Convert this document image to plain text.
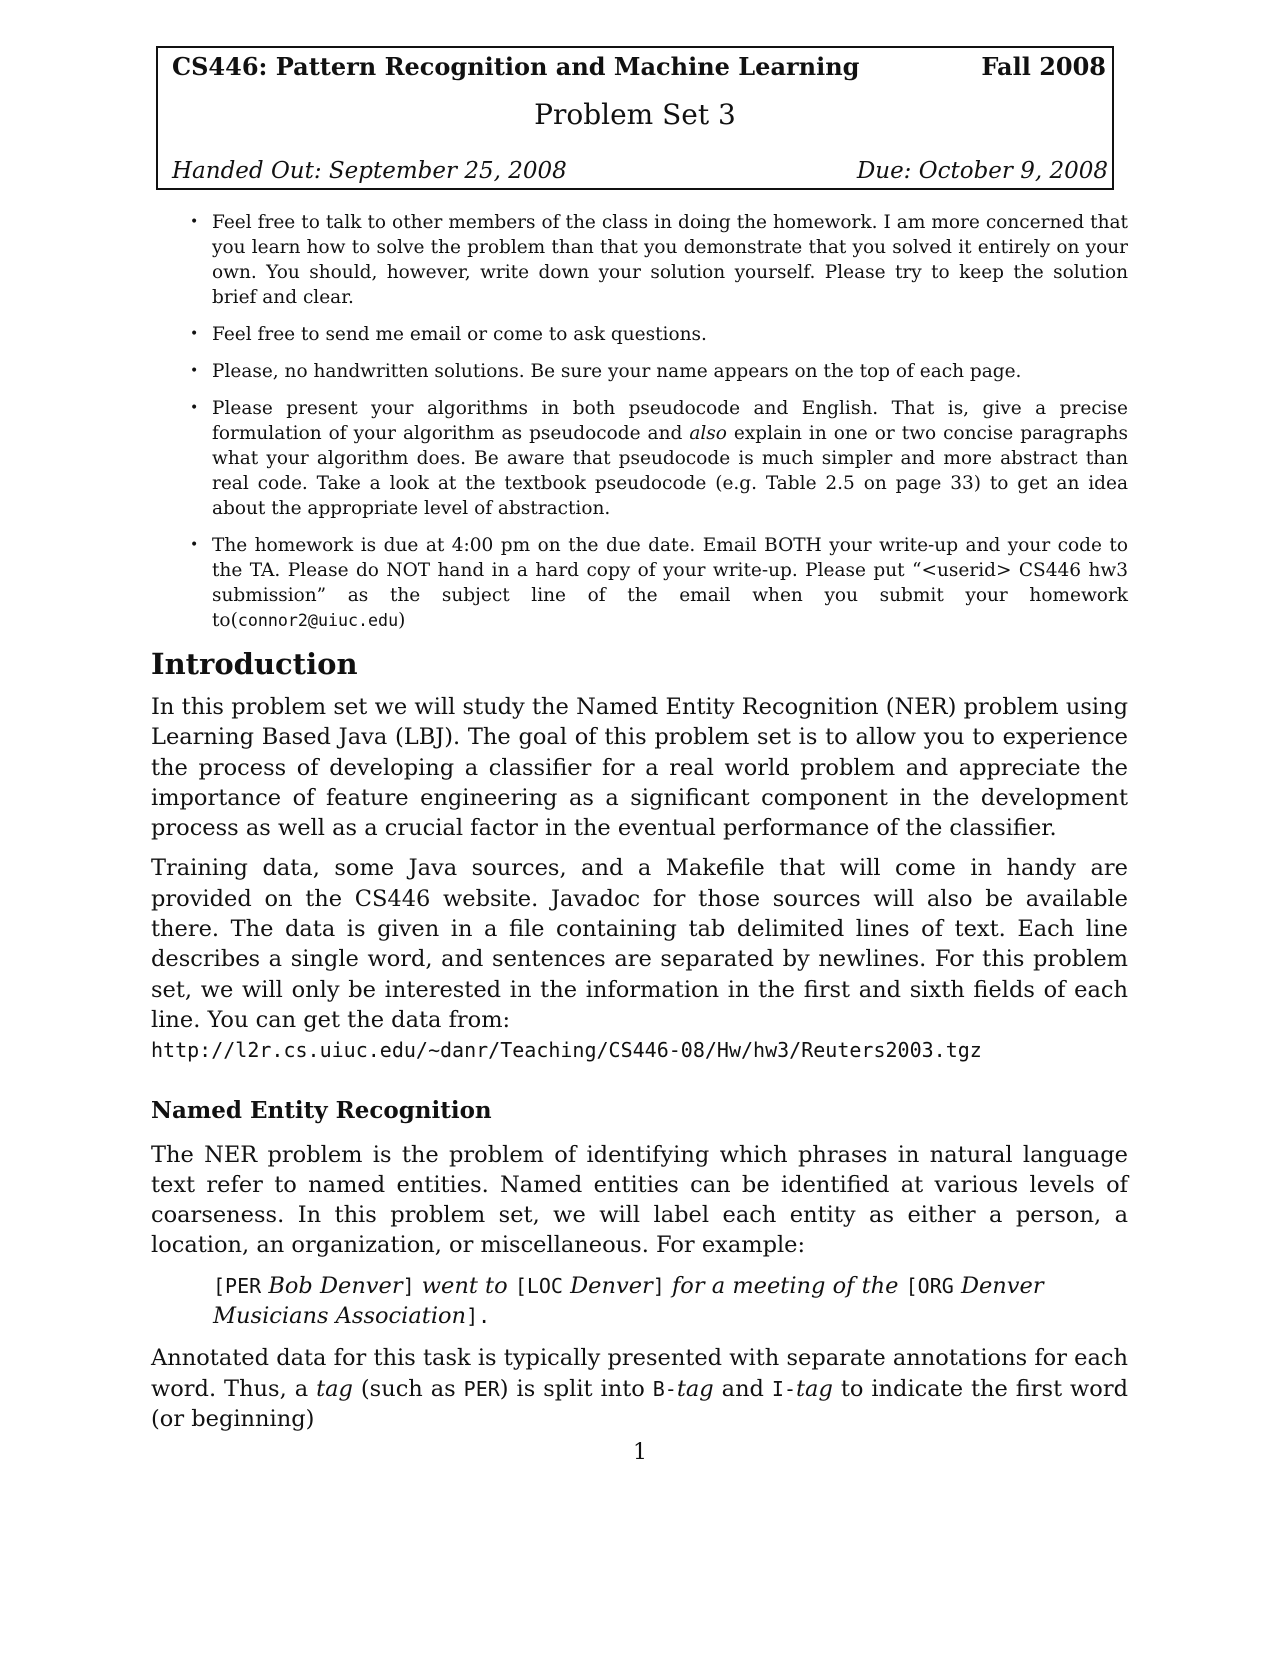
CS446: Pattern Recognition and Machine Learning	Fall 2008
Problem Set 3
Handed Out: September 25, 2008	Due: October 9, 2008
• Feel free to talk to other members of the class in doing the homework. I am more concerned that you learn how to solve the problem than that you demonstrate that you solved it entirely on your own. You should, however, write down your solution yourself. Please try to keep the solution brief and clear.
• Feel free to send me email or come to ask questions.
• Please, no handwritten solutions. Be sure your name appears on the top of each page.
• Please present your algorithms in both pseudocode and English. That is, give a precise formulation of your algorithm as pseudocode and also explain in one or two concise paragraphs what your algorithm does. Be aware that pseudocode is much simpler and more abstract than real code. Take a look at the textbook pseudocode (e.g. Table 2.5 on page 33) to get an idea about the appropriate level of abstraction.
• The homework is due at 4:00 pm on the due date. Email BOTH your write-up and your code to the TA. Please do NOT hand in a hard copy of your write-up. Please put “<userid> CS446 hw3 submission” as the subject line of the email when you submit your homework to(connor2@uiuc.edu)
Introduction

In this problem set we will study the Named Entity Recognition (NER) problem using Learning Based Java (LBJ). The goal of this problem set is to allow you to experience the process of developing a classifier for a real world problem and appreciate the importance of feature engineering as a significant component in the development process as well as a crucial factor in the eventual performance of the classifier.

Training data, some Java sources, and a Makefile that will come in handy are provided on the CS446 website. Javadoc for those sources will also be available there. The data is given in a file containing tab delimited lines of text. Each line describes a single word, and sentences are separated by newlines. For this problem set, we will only be interested in the information in the first and sixth fields of each line. You can get the data from:
http://l2r.cs.uiuc.edu/∼danr/Teaching/CS446-08/Hw/hw3/Reuters2003.tgz

Named Entity Recognition

The NER problem is the problem of identifying which phrases in natural language text refer to named entities. Named entities can be identified at various levels of coarseness. In this problem set, we will label each entity as either a person, a location, an organization, or miscellaneous. For example:

[PER Bob Denver] went to [LOC Denver] for a meeting of the [ORG Denver Musicians Association].

Annotated data for this task is typically presented with separate annotations for each word. Thus, a tag (such as PER) is split into B-tag and I-tag to indicate the first word (or beginning)

1
